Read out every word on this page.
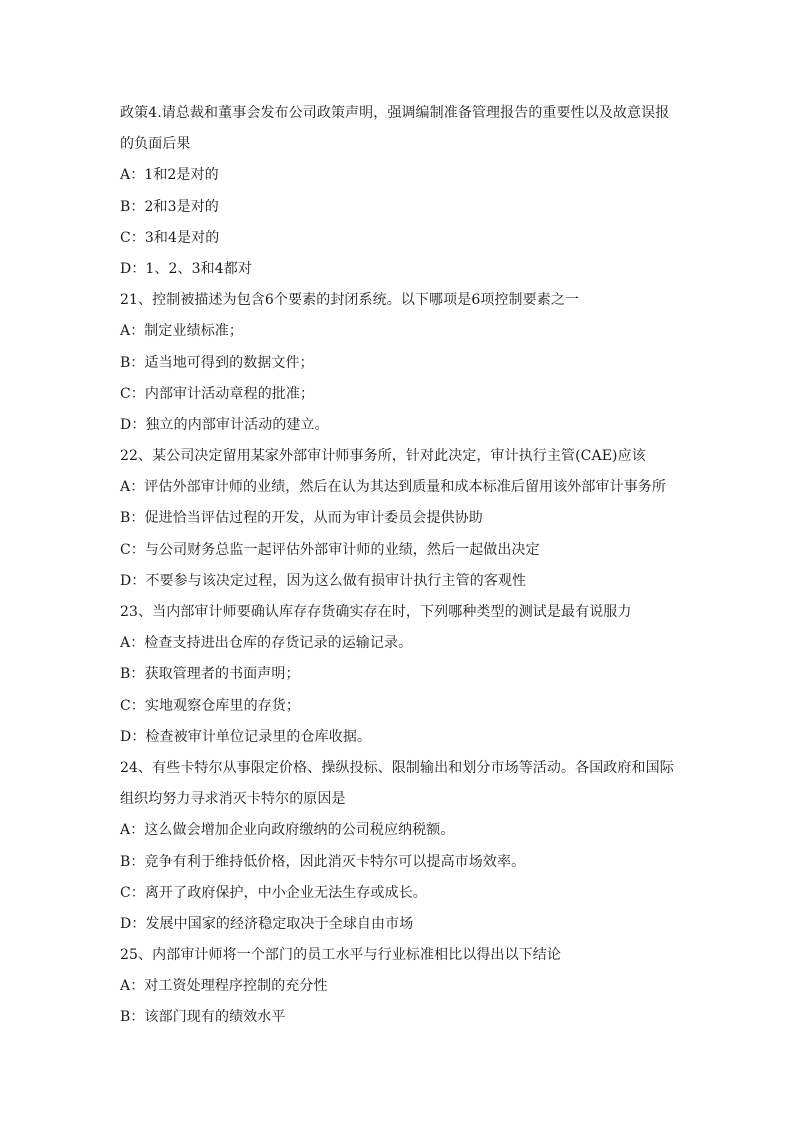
政策4.请总裁和董事会发布公司政策声明，强调编制准备管理报告的重要性以及故意误报
的负面后果
A：1和2是对的
B：2和3是对的
C：3和4是对的
D：1、2、3和4都对
21、控制被描述为包含6个要素的封闭系统。以下哪项是6项控制要素之一
A：制定业绩标准；
B：适当地可得到的数据文件；
C：内部审计活动章程的批准；
D：独立的内部审计活动的建立。
22、某公司决定留用某家外部审计师事务所，针对此决定，审计执行主管(CAE)应该
A：评估外部审计师的业绩，然后在认为其达到质量和成本标准后留用该外部审计事务所
B：促进恰当评估过程的开发，从而为审计委员会提供协助
C：与公司财务总监一起评估外部审计师的业绩，然后一起做出决定
D：不要参与该决定过程，因为这么做有损审计执行主管的客观性
23、当内部审计师要确认库存存货确实存在时，下列哪种类型的测试是最有说服力
A：检查支持进出仓库的存货记录的运输记录。
B：获取管理者的书面声明；
C：实地观察仓库里的存货；
D：检查被审计单位记录里的仓库收据。
24、有些卡特尔从事限定价格、操纵投标、限制输出和划分市场等活动。各国政府和国际
组织均努力寻求消灭卡特尔的原因是
A：这么做会增加企业向政府缴纳的公司税应纳税额。
B：竞争有利于维持低价格，因此消灭卡特尔可以提高市场效率。
C：离开了政府保护，中小企业无法生存或成长。
D：发展中国家的经济稳定取决于全球自由市场
25、内部审计师将一个部门的员工水平与行业标准相比以得出以下结论
A：对工资处理程序控制的充分性
B：该部门现有的绩效水平
